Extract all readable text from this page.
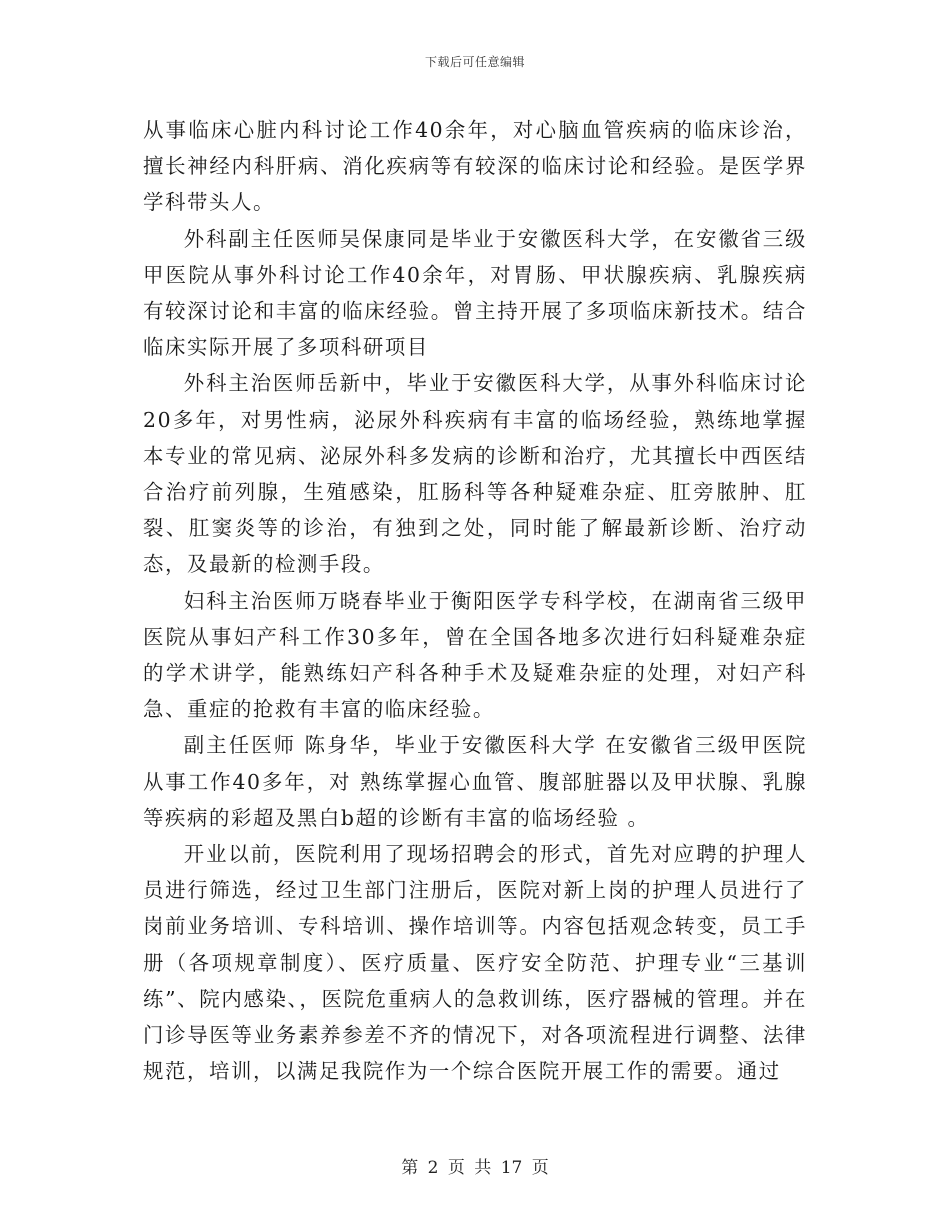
下载后可任意编辑

从事临床心脏内科讨论工作40余年，对心脑血管疾病的临床诊治，擅长神经内科肝病、消化疾病等有较深的临床讨论和经验。是医学界学科带头人。

外科副主任医师吴保康同是毕业于安徽医科大学，在安徽省三级甲医院从事外科讨论工作40余年，对胃肠、甲状腺疾病、乳腺疾病有较深讨论和丰富的临床经验。曾主持开展了多项临床新技术。结合临床实际开展了多项科研项目

外科主治医师岳新中，毕业于安徽医科大学，从事外科临床讨论20多年，对男性病，泌尿外科疾病有丰富的临场经验，熟练地掌握本专业的常见病、泌尿外科多发病的诊断和治疗，尤其擅长中西医结合治疗前列腺，生殖感染，肛肠科等各种疑难杂症、肛旁脓肿、肛裂、肛窦炎等的诊治，有独到之处，同时能了解最新诊断、治疗动态，及最新的检测手段。

妇科主治医师万晓春毕业于衡阳医学专科学校，在湖南省三级甲医院从事妇产科工作30多年，曾在全国各地多次进行妇科疑难杂症的学术讲学，能熟练妇产科各种手术及疑难杂症的处理，对妇产科急、重症的抢救有丰富的临床经验。

副主任医师 陈身华，毕业于安徽医科大学 在安徽省三级甲医院从事工作40多年，对 熟练掌握心血管、腹部脏器以及甲状腺、乳腺等疾病的彩超及黑白b超的诊断有丰富的临场经验 。

开业以前，医院利用了现场招聘会的形式，首先对应聘的护理人员进行筛选，经过卫生部门注册后，医院对新上岗的护理人员进行了岗前业务培训、专科培训、操作培训等。内容包括观念转变，员工手册（各项规章制度）、医疗质量、医疗安全防范、护理专业“三基训练”、院内感染、，医院危重病人的急救训练，医疗器械的管理。并在门诊导医等业务素养参差不齐的情况下，对各项流程进行调整、法律规范，培训，以满足我院作为一个综合医院开展工作的需要。通过

第 2 页 共 17 页
